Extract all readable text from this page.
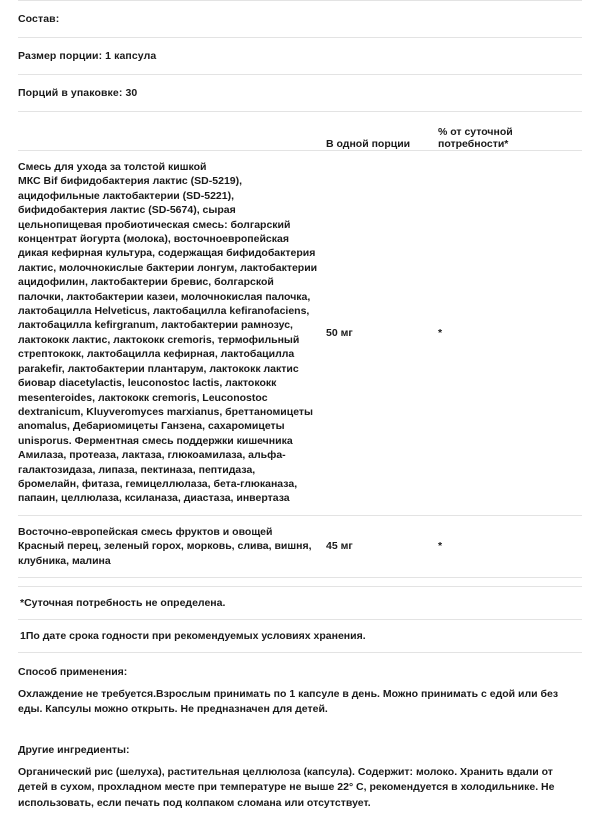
Состав:
Размер порции: 1 капсула
Порций в упаковке: 30
В одной порции
% от суточной потребности*
Смесь для ухода за толстой кишкой
МКС Bif бифидобактерия лактис (SD-5219), ацидофильные лактобактерии (SD-5221), бифидобактерия лактис (SD-5674), сырая цельнопищевая пробиотическая смесь: болгарский концентрат йогурта (молока), восточноевропейская дикая кефирная культура, содержащая бифидобактерия лактис, молочнокислые бактерии лонгум, лактобактерии ацидофилин, лактобактерии бревис, болгарской палочки, лактобактерии казеи, молочнокислая палочка, лактобацилла Helveticus, лактобацилла kefiranofaciens, лактобацилла kefirgranum, лактобактерии рамнозус, лактококк лактис, лактококк cremoris, термофильный стрептококк, лактобацилла кефирная, лактобацилла parakefir, лактобактерии плантарум, лактококк лактис биовар diacetylactis, leuconostoc lactis, лактококк mesenteroides, лактококк cremoris, Leuconostoc dextranicum, Kluyveromyces marxianus, бреттаномицеты anomalus, Дебариомицеты Ганзена, сахаромицеты unisporus. Ферментная смесь поддержки кишечника Амилаза, протеаза, лактаза, глюкоамилаза, альфа-галактозидаза, липаза, пектиназа, пептидаза, бромелайн, фитаза, гемицеллюлаза, бета-глюканаза, папаин, целлюлаза, ксиланаза, диастаза, инвертаза
50 мг	*
Восточно-европейская смесь фруктов и овощей
Красный перец, зеленый горох, морковь, слива, вишня, клубника, малина
45 мг	*
*Суточная потребность не определена.
1По дате срока годности при рекомендуемых условиях хранения.
Способ применения:
Охлаждение не требуется.Взрослым принимать по 1 капсуле в день. Можно принимать с едой или без еды. Капсулы можно открыть. Не предназначен для детей.
Другие ингредиенты:
Органический рис (шелуха), растительная целлюлоза (капсула). Содержит: молоко. Хранить вдали от детей в сухом, прохладном месте при температуре не выше 22° С, рекомендуется в холодильнике. Не использовать, если печать под колпаком сломана или отсутствует.
